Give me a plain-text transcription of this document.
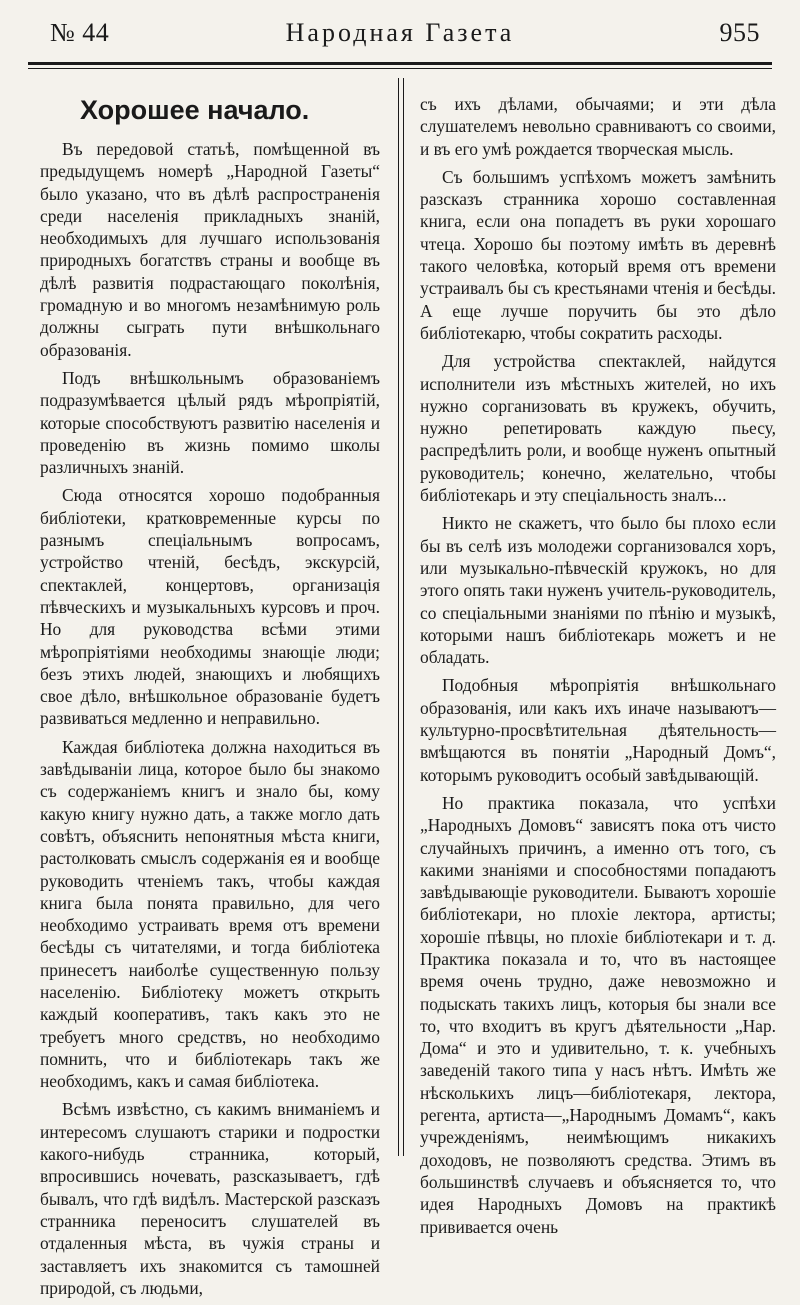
№ 44	Народная Газета	955
Хорошее начало.

Въ передовой статьѣ, помѣщенной въ предыдущемъ номерѣ „Народной Газеты“ было указано, что въ дѣлѣ распространенія среди населенія прикладныхъ знаній, необходимыхъ для лучшаго использованія природныхъ богатствъ страны и вообще въ дѣлѣ развитія подрастающаго поколѣнія, громадную и во многомъ незамѣнимую роль должны сыграть пути внѣшкольнаго образованія.

Подъ внѣшкольнымъ образованіемъ подразумѣвается цѣлый рядъ мѣропріятій, которые способствуютъ развитію населенія и проведенію въ жизнь помимо школы различныхъ знаній.

Сюда относятся хорошо подобранныя библіотеки, кратковременные курсы по разнымъ спеціальнымъ вопросамъ, устройство чтеній, бесѣдъ, экскурсій, спектаклей, концертовъ, организація пѣвческихъ и музыкальныхъ курсовъ и проч. Но для руководства всѣми этими мѣропріятіями необходимы знающіе люди; безъ этихъ людей, знающихъ и любящихъ свое дѣло, внѣшкольное образованіе будетъ развиваться медленно и неправильно.

Каждая библіотека должна находиться въ завѣдываніи лица, которое было бы знакомо съ содержаніемъ книгъ и знало бы, кому какую книгу нужно дать, а также могло дать совѣтъ, объяснить непонятныя мѣста книги, растолковать смыслъ содержанія ея и вообще руководить чтеніемъ такъ, чтобы каждая книга была понята правильно, для чего необходимо устраивать время отъ времени бесѣды съ читателями, и тогда библіотека принесетъ наиболѣе существенную пользу населенію. Библіотеку можетъ открыть каждый кооперативъ, такъ какъ это не требуетъ много средствъ, но необходимо помнить, что и библіотекарь такъ же необходимъ, какъ и самая библіотека.

Всѣмъ извѣстно, съ какимъ вниманіемъ и интересомъ слушаютъ старики и подростки какого-нибудь странника, который, впросившись ночевать, разсказываетъ, гдѣ бывалъ, что гдѣ видѣлъ. Мастерской разсказъ странника переноситъ слушателей въ отдаленныя мѣста, въ чужія страны и заставляетъ ихъ знакомится съ тамошней природой, съ людьми,

съ ихъ дѣлами, обычаями; и эти дѣла слушателемъ невольно сравниваютъ со своими, и въ его умѣ рождается творческая мысль.

Съ большимъ успѣхомъ можетъ замѣнить разсказъ странника хорошо составленная книга, если она попадетъ въ руки хорошаго чтеца. Хорошо бы поэтому имѣть въ деревнѣ такого человѣка, который время отъ времени устраивалъ бы съ крестьянами чтенія и бесѣды. А еще лучше поручить бы это дѣло библіотекарю, чтобы сократить расходы.

Для устройства спектаклей, найдутся исполнители изъ мѣстныхъ жителей, но ихъ нужно сорганизовать въ кружекъ, обучить, нужно репетировать каждую пьесу, распредѣлить роли, и вообще нуженъ опытный руководитель; конечно, желательно, чтобы библіотекарь и эту спеціальность зналъ...

Никто не скажетъ, что было бы плохо если бы въ селѣ изъ молодежи сорганизовался хоръ, или музыкально-пѣвческій кружокъ, но для этого опять таки нуженъ учитель-руководитель, со спеціальными знаніями по пѣнію и музыкѣ, которыми нашъ библіотекарь можетъ и не обладать.

Подобныя мѣропріятія внѣшкольнаго образованія, или какъ ихъ иначе называютъ—культурно-просвѣтительная дѣятельность—вмѣщаются въ понятіи „Народный Домъ“, которымъ руководитъ особый завѣдывающій.

Но практика показала, что успѣхи „Народныхъ Домовъ“ зависятъ пока отъ чисто случайныхъ причинъ, а именно отъ того, съ какими знаніями и способностями попадаютъ завѣдывающіе руководители. Бываютъ хорошіе библіотекари, но плохіе лектора, артисты; хорошіе пѣвцы, но плохіе библіотекари и т. д. Практика показала и то, что въ настоящее время очень трудно, даже невозможно и подыскать такихъ лицъ, которыя бы знали все то, что входитъ въ кругъ дѣятельности „Нар. Дома“ и это и удивительно, т. к. учебныхъ заведеній такого типа у насъ нѣтъ. Имѣть же нѣсколькихъ лицъ—библіотекаря, лектора, регента, артиста—„Народнымъ Домамъ“, какъ учрежденіямъ, неимѣющимъ никакихъ доходовъ, не позволяютъ средства. Этимъ въ большинствѣ случаевъ и объясняется то, что идея Народныхъ Домовъ на практикѣ прививается очень
